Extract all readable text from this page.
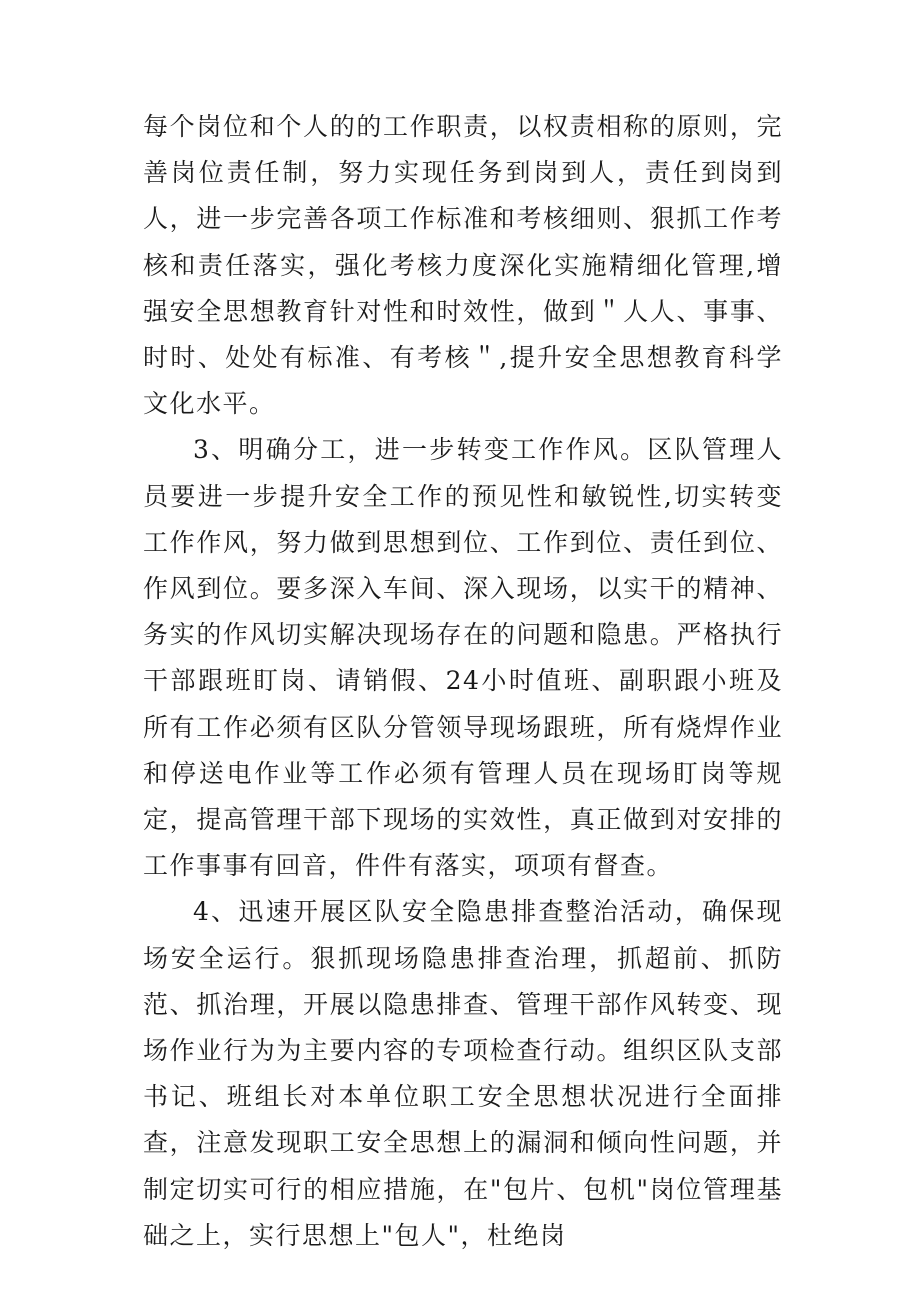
每个岗位和个人的的工作职责，以权责相称的原则，完善岗位责任制，努力实现任务到岗到人，责任到岗到人，进一步完善各项工作标准和考核细则、狠抓工作考核和责任落实，强化考核力度深化实施精细化管理,增强安全思想教育针对性和时效性，做到＂人人、事事、时时、处处有标准、有考核＂,提升安全思想教育科学文化水平。

3、明确分工，进一步转变工作作风。区队管理人员要进一步提升安全工作的预见性和敏锐性,切实转变工作作风，努力做到思想到位、工作到位、责任到位、作风到位。要多深入车间、深入现场，以实干的精神、务实的作风切实解决现场存在的问题和隐患。严格执行干部跟班盯岗、请销假、24小时值班、副职跟小班及所有工作必须有区队分管领导现场跟班，所有烧焊作业和停送电作业等工作必须有管理人员在现场盯岗等规定，提高管理干部下现场的实效性，真正做到对安排的工作事事有回音，件件有落实，项项有督查。

4、迅速开展区队安全隐患排查整治活动，确保现场安全运行。狠抓现场隐患排查治理，抓超前、抓防范、抓治理，开展以隐患排查、管理干部作风转变、现场作业行为为主要内容的专项检查行动。组织区队支部书记、班组长对本单位职工安全思想状况进行全面排查，注意发现职工安全思想上的漏洞和倾向性问题，并制定切实可行的相应措施，在"包片、包机"岗位管理基础之上，实行思想上"包人"，杜绝岗
